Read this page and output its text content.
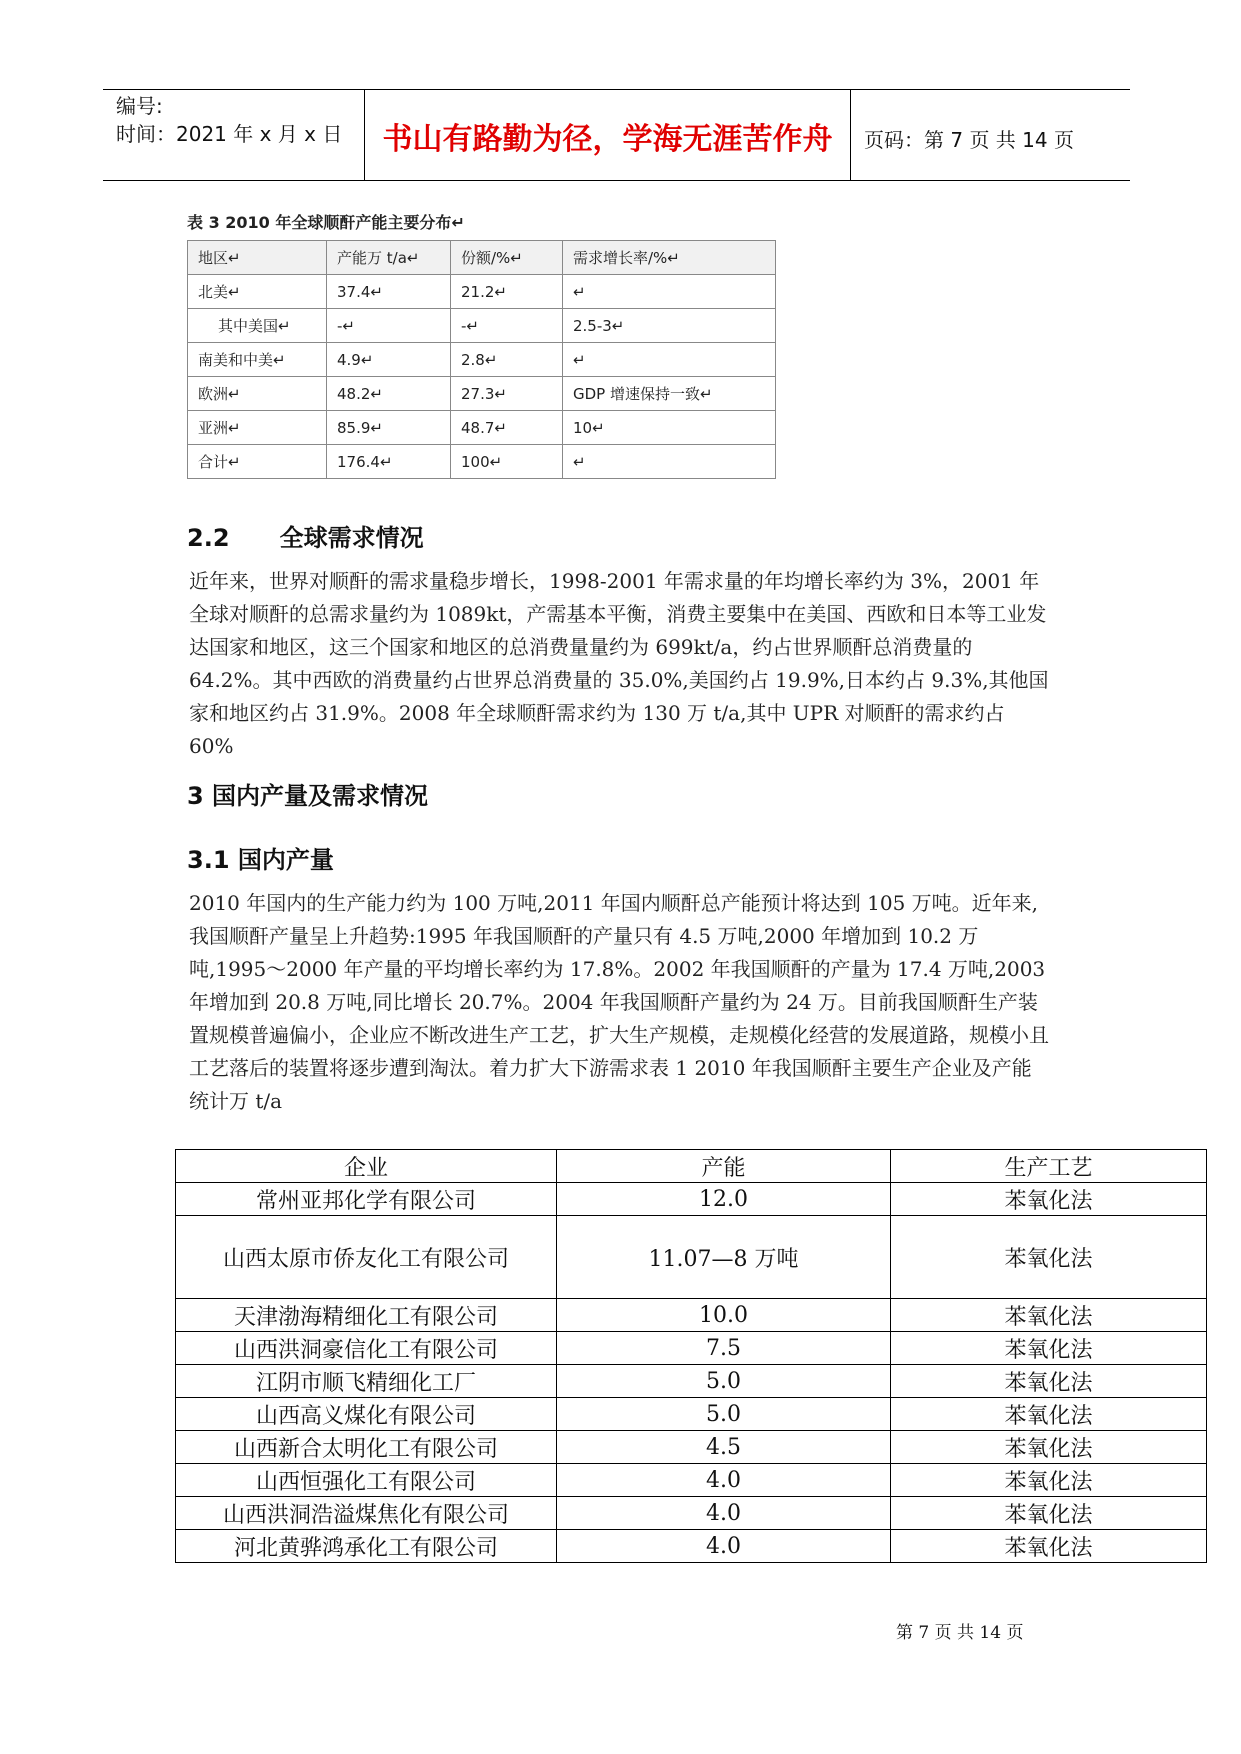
编号:
时间：2021 年 x 月 x 日	书山有路勤为径，学海无涯苦作舟	页码：第 7 页 共 14 页
表 3 2010 年全球顺酐产能主要分布↵
地区↵	产能万 t/a↵	份额/%↵	需求增长率/%↵
北美↵	37.4↵	21.2↵	↵
其中美国↵	-↵	-↵	2.5-3↵
南美和中美↵	4.9↵	2.8↵	↵
欧洲↵	48.2↵	27.3↵	GDP 增速保持一致↵
亚洲↵	85.9↵	48.7↵	10↵
合计↵	176.4↵	100↵	↵
2.2      全球需求情况
近年来，世界对顺酐的需求量稳步增长，1998-2001 年需求量的年均增长率约为 3%，2001 年全球对顺酐的总需求量约为 1089kt，产需基本平衡，消费主要集中在美国、西欧和日本等工业发达国家和地区，这三个国家和地区的总消费量量约为 699kt/a，约占世界顺酐总消费量的 64.2%。其中西欧的消费量约占世界总消费量的 35.0%,美国约占 19.9%,日本约占 9.3%,其他国家和地区约占 31.9%。2008 年全球顺酐需求约为 130 万 t/a,其中 UPR 对顺酐的需求约占 60%
3 国内产量及需求情况
3.1 国内产量
2010 年国内的生产能力约为 100 万吨,2011 年国内顺酐总产能预计将达到 105 万吨。近年来,我国顺酐产量呈上升趋势:1995 年我国顺酐的产量只有 4.5 万吨,2000 年增加到 10.2 万吨,1995～2000 年产量的平均增长率约为 17.8%。2002 年我国顺酐的产量为 17.4 万吨,2003 年增加到 20.8 万吨,同比增长 20.7%。2004 年我国顺酐产量约为 24 万。目前我国顺酐生产装置规模普遍偏小，企业应不断改进生产工艺，扩大生产规模，走规模化经营的发展道路，规模小且工艺落后的装置将逐步遭到淘汰。着力扩大下游需求表 1 2010 年我国顺酐主要生产企业及产能统计万 t/a
企业	产能	生产工艺
常州亚邦化学有限公司	12.0	苯氧化法
山西太原市侨友化工有限公司	11.07—8 万吨	苯氧化法
天津渤海精细化工有限公司	10.0	苯氧化法
山西洪洞豪信化工有限公司	7.5	苯氧化法
江阴市顺飞精细化工厂	5.0	苯氧化法
山西高义煤化有限公司	5.0	苯氧化法
山西新合太明化工有限公司	4.5	苯氧化法
山西恒强化工有限公司	4.0	苯氧化法
山西洪洞浩溢煤焦化有限公司	4.0	苯氧化法
河北黄骅鸿承化工有限公司	4.0	苯氧化法
第 7 页 共 14 页
